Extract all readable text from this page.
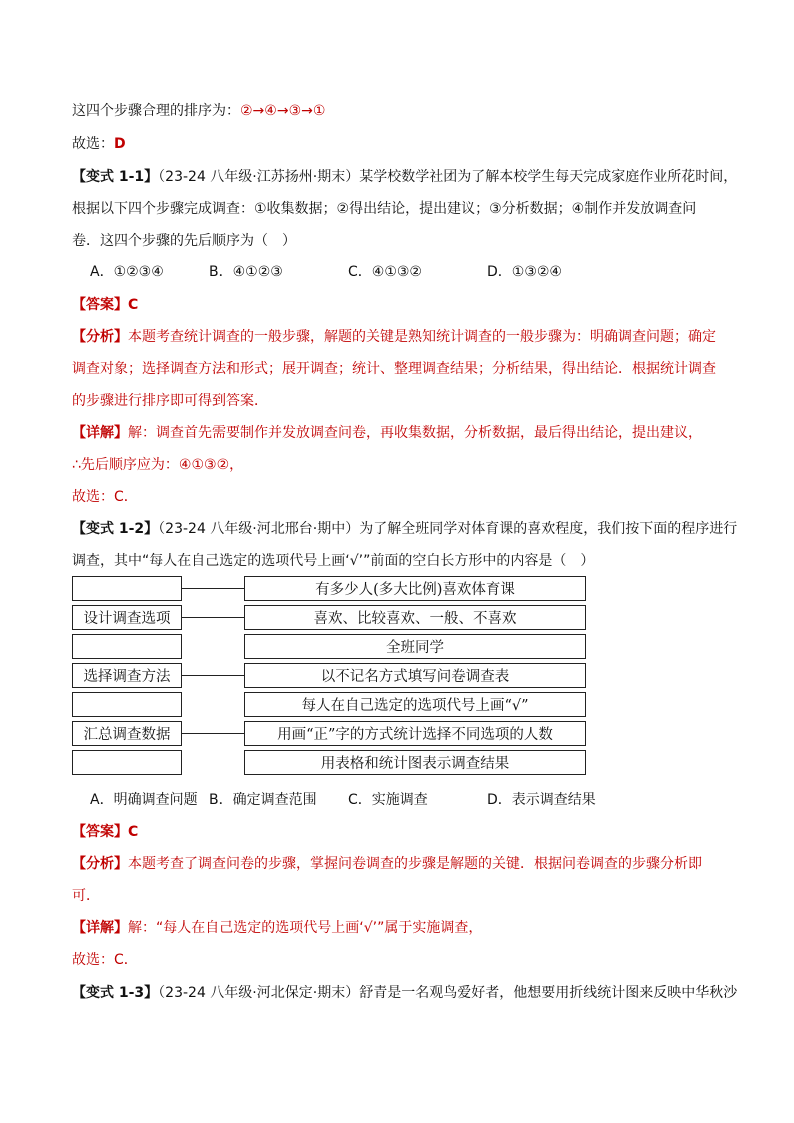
这四个步骤合理的排序为：②→④→③→①
故选：D
【变式 1-1】（23-24 八年级·江苏扬州·期末）某学校数学社团为了解本校学生每天完成家庭作业所花时间，
根据以下四个步骤完成调查：①收集数据；②得出结论，提出建议；③分析数据；④制作并发放调查问
卷．这四个步骤的先后顺序为（　）
A．①②③④	B．④①②③	C．④①③②	D．①③②④
【答案】C
【分析】本题考查统计调查的一般步骤，解题的关键是熟知统计调查的一般步骤为：明确调查问题；确定
调查对象；选择调查方法和形式；展开调查；统计、整理调查结果；分析结果，得出结论．根据统计调查
的步骤进行排序即可得到答案．
【详解】解：调查首先需要制作并发放调查问卷，再收集数据，分析数据，最后得出结论，提出建议，
∴先后顺序应为：④①③②，
故选：C．
【变式 1-2】（23-24 八年级·河北邢台·期中）为了解全班同学对体育课的喜欢程度，我们按下面的程序进行
调查，其中“每人在自己选定的选项代号上画‘√’”前面的空白长方形中的内容是（　）
设计调查选项
选择调查方法
汇总调查数据
有多少人(多大比例)喜欢体育课
喜欢、比较喜欢、一般、不喜欢
全班同学
以不记名方式填写问卷调查表
每人在自己选定的选项代号上画“√”
用画“正”字的方式统计选择不同选项的人数
用表格和统计图表示调查结果
A．明确调查问题 B．确定调查范围 C．实施调查	D．表示调查结果
【答案】C
【分析】本题考查了调查问卷的步骤，掌握问卷调查的步骤是解题的关键．根据问卷调查的步骤分析即
可．
【详解】解：“每人在自己选定的选项代号上画‘√’”属于实施调查，
故选：C．
【变式 1-3】（23-24 八年级·河北保定·期末）舒青是一名观鸟爱好者，他想要用折线统计图来反映中华秋沙
